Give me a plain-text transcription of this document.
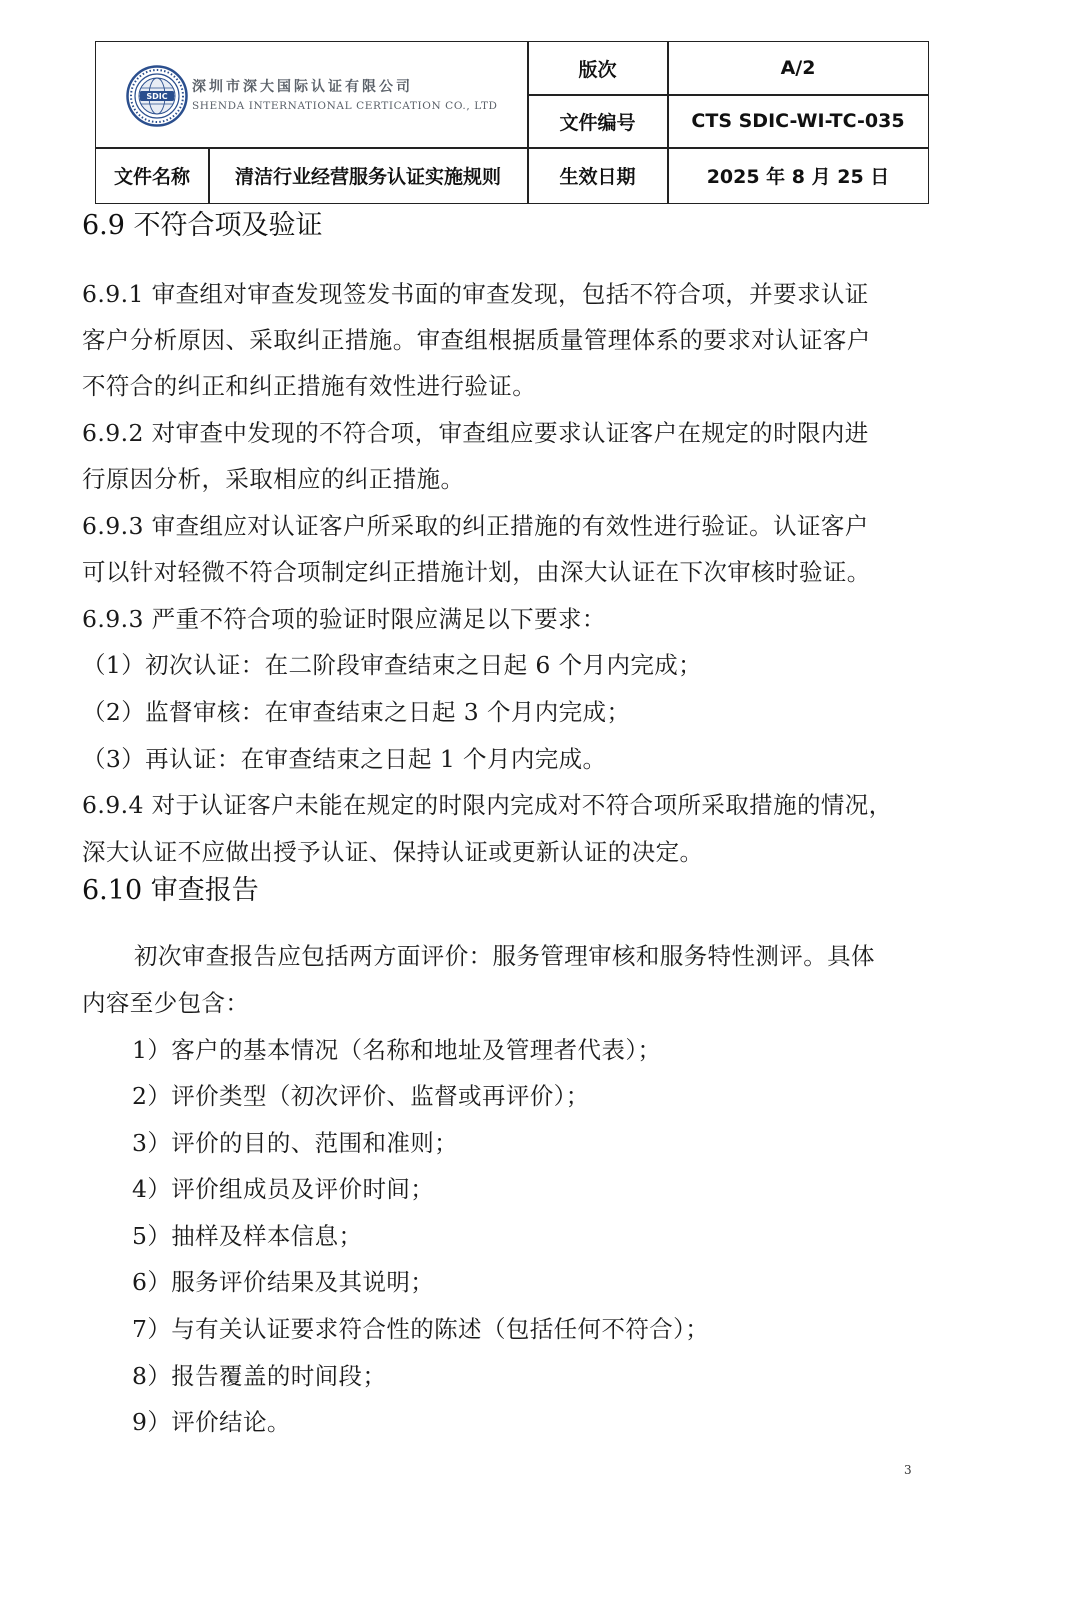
SDIC
深圳市深大国际认证有限公司
SHENDA INTERNATIONAL CERTICATION CO., LTD
版次	A/2
文件编号	CTS SDIC-WI-TC-035
文件名称	清洁行业经营服务认证实施规则	生效日期	2025 年 8 月 25 日
6.9 不符合项及验证
6.9.1 审查组对审查发现签发书面的审查发现，包括不符合项，并要求认证
客户分析原因、采取纠正措施。审查组根据质量管理体系的要求对认证客户
不符合的纠正和纠正措施有效性进行验证。
6.9.2 对审查中发现的不符合项，审查组应要求认证客户在规定的时限内进
行原因分析，采取相应的纠正措施。
6.9.3 审查组应对认证客户所采取的纠正措施的有效性进行验证。认证客户
可以针对轻微不符合项制定纠正措施计划，由深大认证在下次审核时验证。
6.9.3 严重不符合项的验证时限应满足以下要求：
（1）初次认证：在二阶段审查结束之日起 6 个月内完成；
（2）监督审核：在审查结束之日起 3 个月内完成；
（3）再认证：在审查结束之日起 1 个月内完成。
6.9.4 对于认证客户未能在规定的时限内完成对不符合项所采取措施的情况，
深大认证不应做出授予认证、保持认证或更新认证的决定。
6.10 审查报告
初次审查报告应包括两方面评价：服务管理审核和服务特性测评。具体
内容至少包含：
1）客户的基本情况（名称和地址及管理者代表）；
2）评价类型（初次评价、监督或再评价）；
3）评价的目的、范围和准则；
4）评价组成员及评价时间；
5）抽样及样本信息；
6）服务评价结果及其说明；
7）与有关认证要求符合性的陈述（包括任何不符合）；
8）报告覆盖的时间段；
9）评价结论。
3
